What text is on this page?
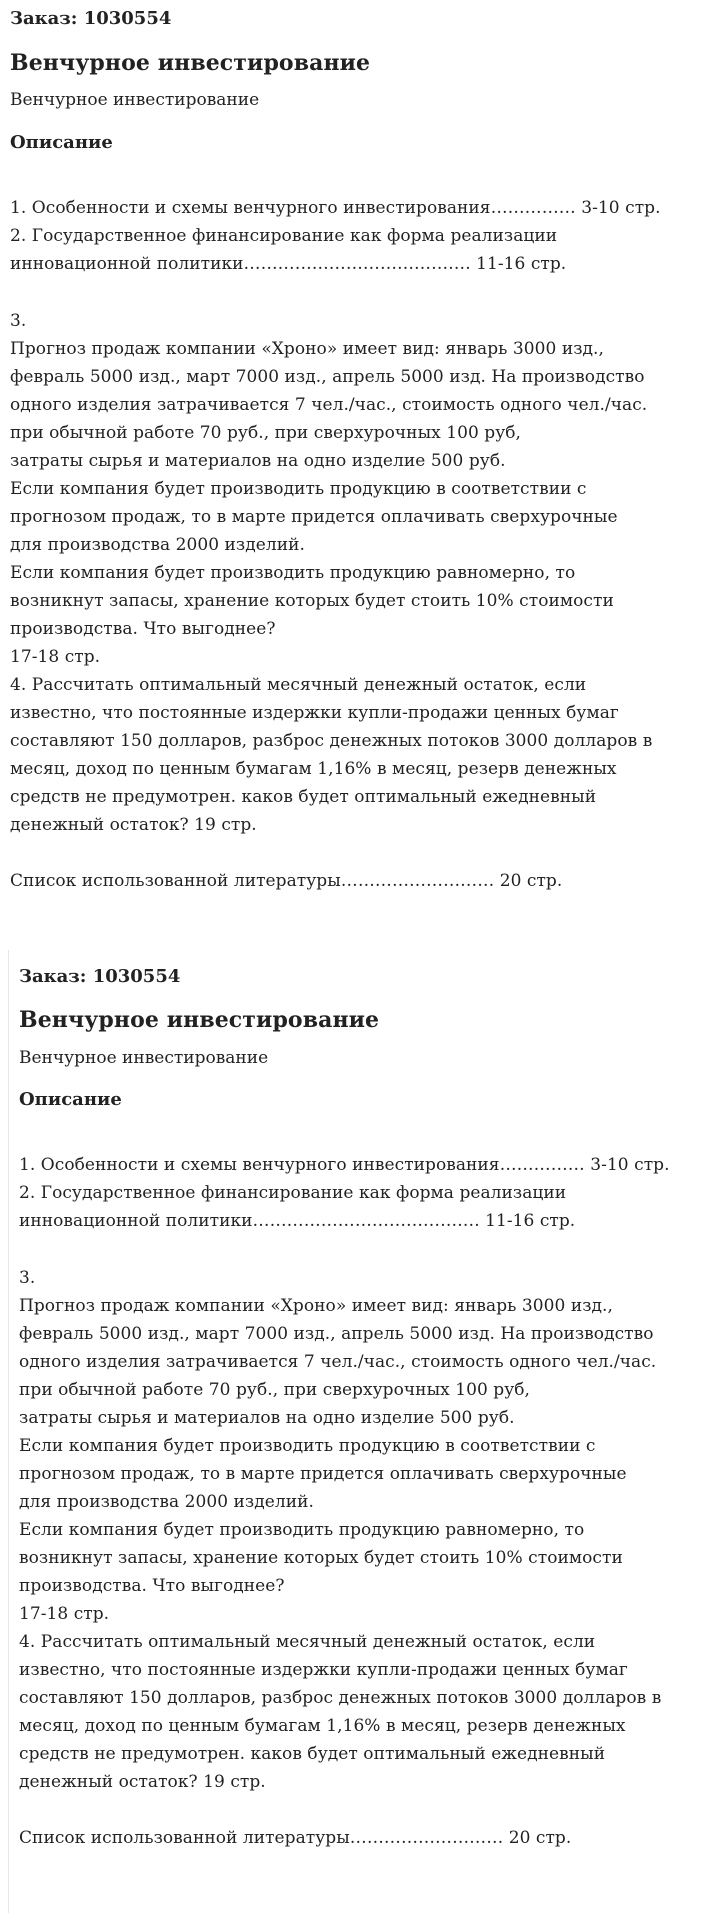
Заказ: 1030554
Венчурное инвестирование
Венчурное инвестирование
Описание
1. Особенности и схемы венчурного инвестирования…………… 3-10 стр.
2. Государственное финансирование как форма реализации
инновационной политики…………………………………. 11-16 стр.
3.
Прогноз продаж компании «Хроно» имеет вид: январь 3000 изд.,
февраль 5000 изд., март 7000 изд., апрель 5000 изд. На производство
одного изделия затрачивается 7 чел./час., стоимость одного чел./час.
при обычной работе 70 руб., при сверхурочных 100 руб,
затраты сырья и материалов на одно изделие 500 руб.
Если компания будет производить продукцию в соответствии с
прогнозом продаж, то в марте придется оплачивать сверхурочные
для производства 2000 изделий.
Если компания будет производить продукцию равномерно, то
возникнут запасы, хранение которых будет стоить 10% стоимости
производства. Что выгоднее?
17-18 стр.
4. Рассчитать оптимальный месячный денежный остаток, если
известно, что постоянные издержки купли-продажи ценных бумаг
составляют 150 долларов, разброс денежных потоков 3000 долларов в
месяц, доход по ценным бумагам 1,16% в месяц, резерв денежных
средств не предумотрен. каков будет оптимальный ежедневный
денежный остаток? 19 стр.
Список использованной литературы……………………… 20 стр.
Заказ: 1030554
Венчурное инвестирование
Венчурное инвестирование
Описание
1. Особенности и схемы венчурного инвестирования…………… 3-10 стр.
2. Государственное финансирование как форма реализации
инновационной политики…………………………………. 11-16 стр.
3.
Прогноз продаж компании «Хроно» имеет вид: январь 3000 изд.,
февраль 5000 изд., март 7000 изд., апрель 5000 изд. На производство
одного изделия затрачивается 7 чел./час., стоимость одного чел./час.
при обычной работе 70 руб., при сверхурочных 100 руб,
затраты сырья и материалов на одно изделие 500 руб.
Если компания будет производить продукцию в соответствии с
прогнозом продаж, то в марте придется оплачивать сверхурочные
для производства 2000 изделий.
Если компания будет производить продукцию равномерно, то
возникнут запасы, хранение которых будет стоить 10% стоимости
производства. Что выгоднее?
17-18 стр.
4. Рассчитать оптимальный месячный денежный остаток, если
известно, что постоянные издержки купли-продажи ценных бумаг
составляют 150 долларов, разброс денежных потоков 3000 долларов в
месяц, доход по ценным бумагам 1,16% в месяц, резерв денежных
средств не предумотрен. каков будет оптимальный ежедневный
денежный остаток? 19 стр.
Список использованной литературы……………………… 20 стр.
